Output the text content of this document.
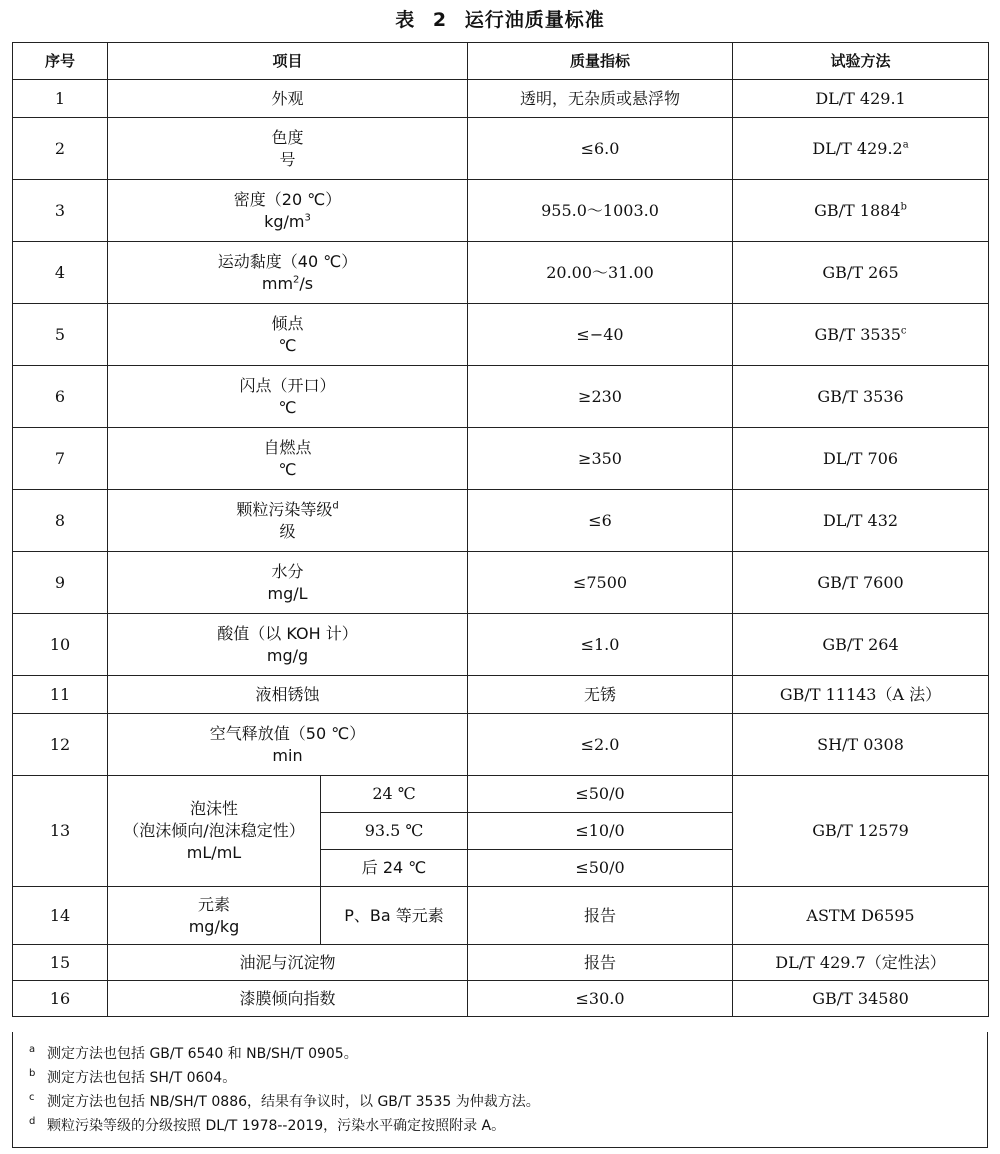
表 2 运行油质量标准
序号	项目		质量指标	试验方法
1	外观		透明，无杂质或悬浮物	DL/T 429.1
2	色度
号		≤6.0	DL/T 429.2$^a$
3	密度（20 ℃）
$kg/m^3$		955.0～1003.0	GB/T 1884$^b$
4	运动黏度（40 ℃）
$mm^2/s$		20.00～31.00	GB/T 265
5	倾点
℃		≤−40	GB/T 3535$^c$
6	闪点（开口）
℃		≥230	GB/T 3536
7	自燃点
℃		≥350	DL/T 706
8	颗粒污染等级$^d$
级		≤6	DL/T 432
9	水分
mg/L		≤7500	GB/T 7600
10	酸值（以 KOH 计）
mg/g		≤1.0	GB/T 264
11	液相锈蚀		无锈	GB/T 11143（A 法）
12	空气释放值（50 ℃）
min		≤2.0	SH/T 0308
13	泡沫性
（泡沫倾向/泡沫稳定性）
mL/mL	24 ℃	≤50/0	GB/T 12579
		93.5 ℃	≤10/0	
		后 24 ℃	≤50/0	
14	元素
mg/kg	P、Ba 等元素	报告	ASTM D6595
15	油泥与沉淀物		报告	DL/T 429.7（定性法）
16	漆膜倾向指数		≤30.0	GB/T 34580
a 测定方法也包括 GB/T 6540 和 NB/SH/T 0905。
b 测定方法也包括 SH/T 0604。
c 测定方法也包括 NB/SH/T 0886，结果有争议时，以 GB/T 3535 为仲裁方法。
d 颗粒污染等级的分级按照 DL/T 1978--2019，污染水平确定按照附录 A。
